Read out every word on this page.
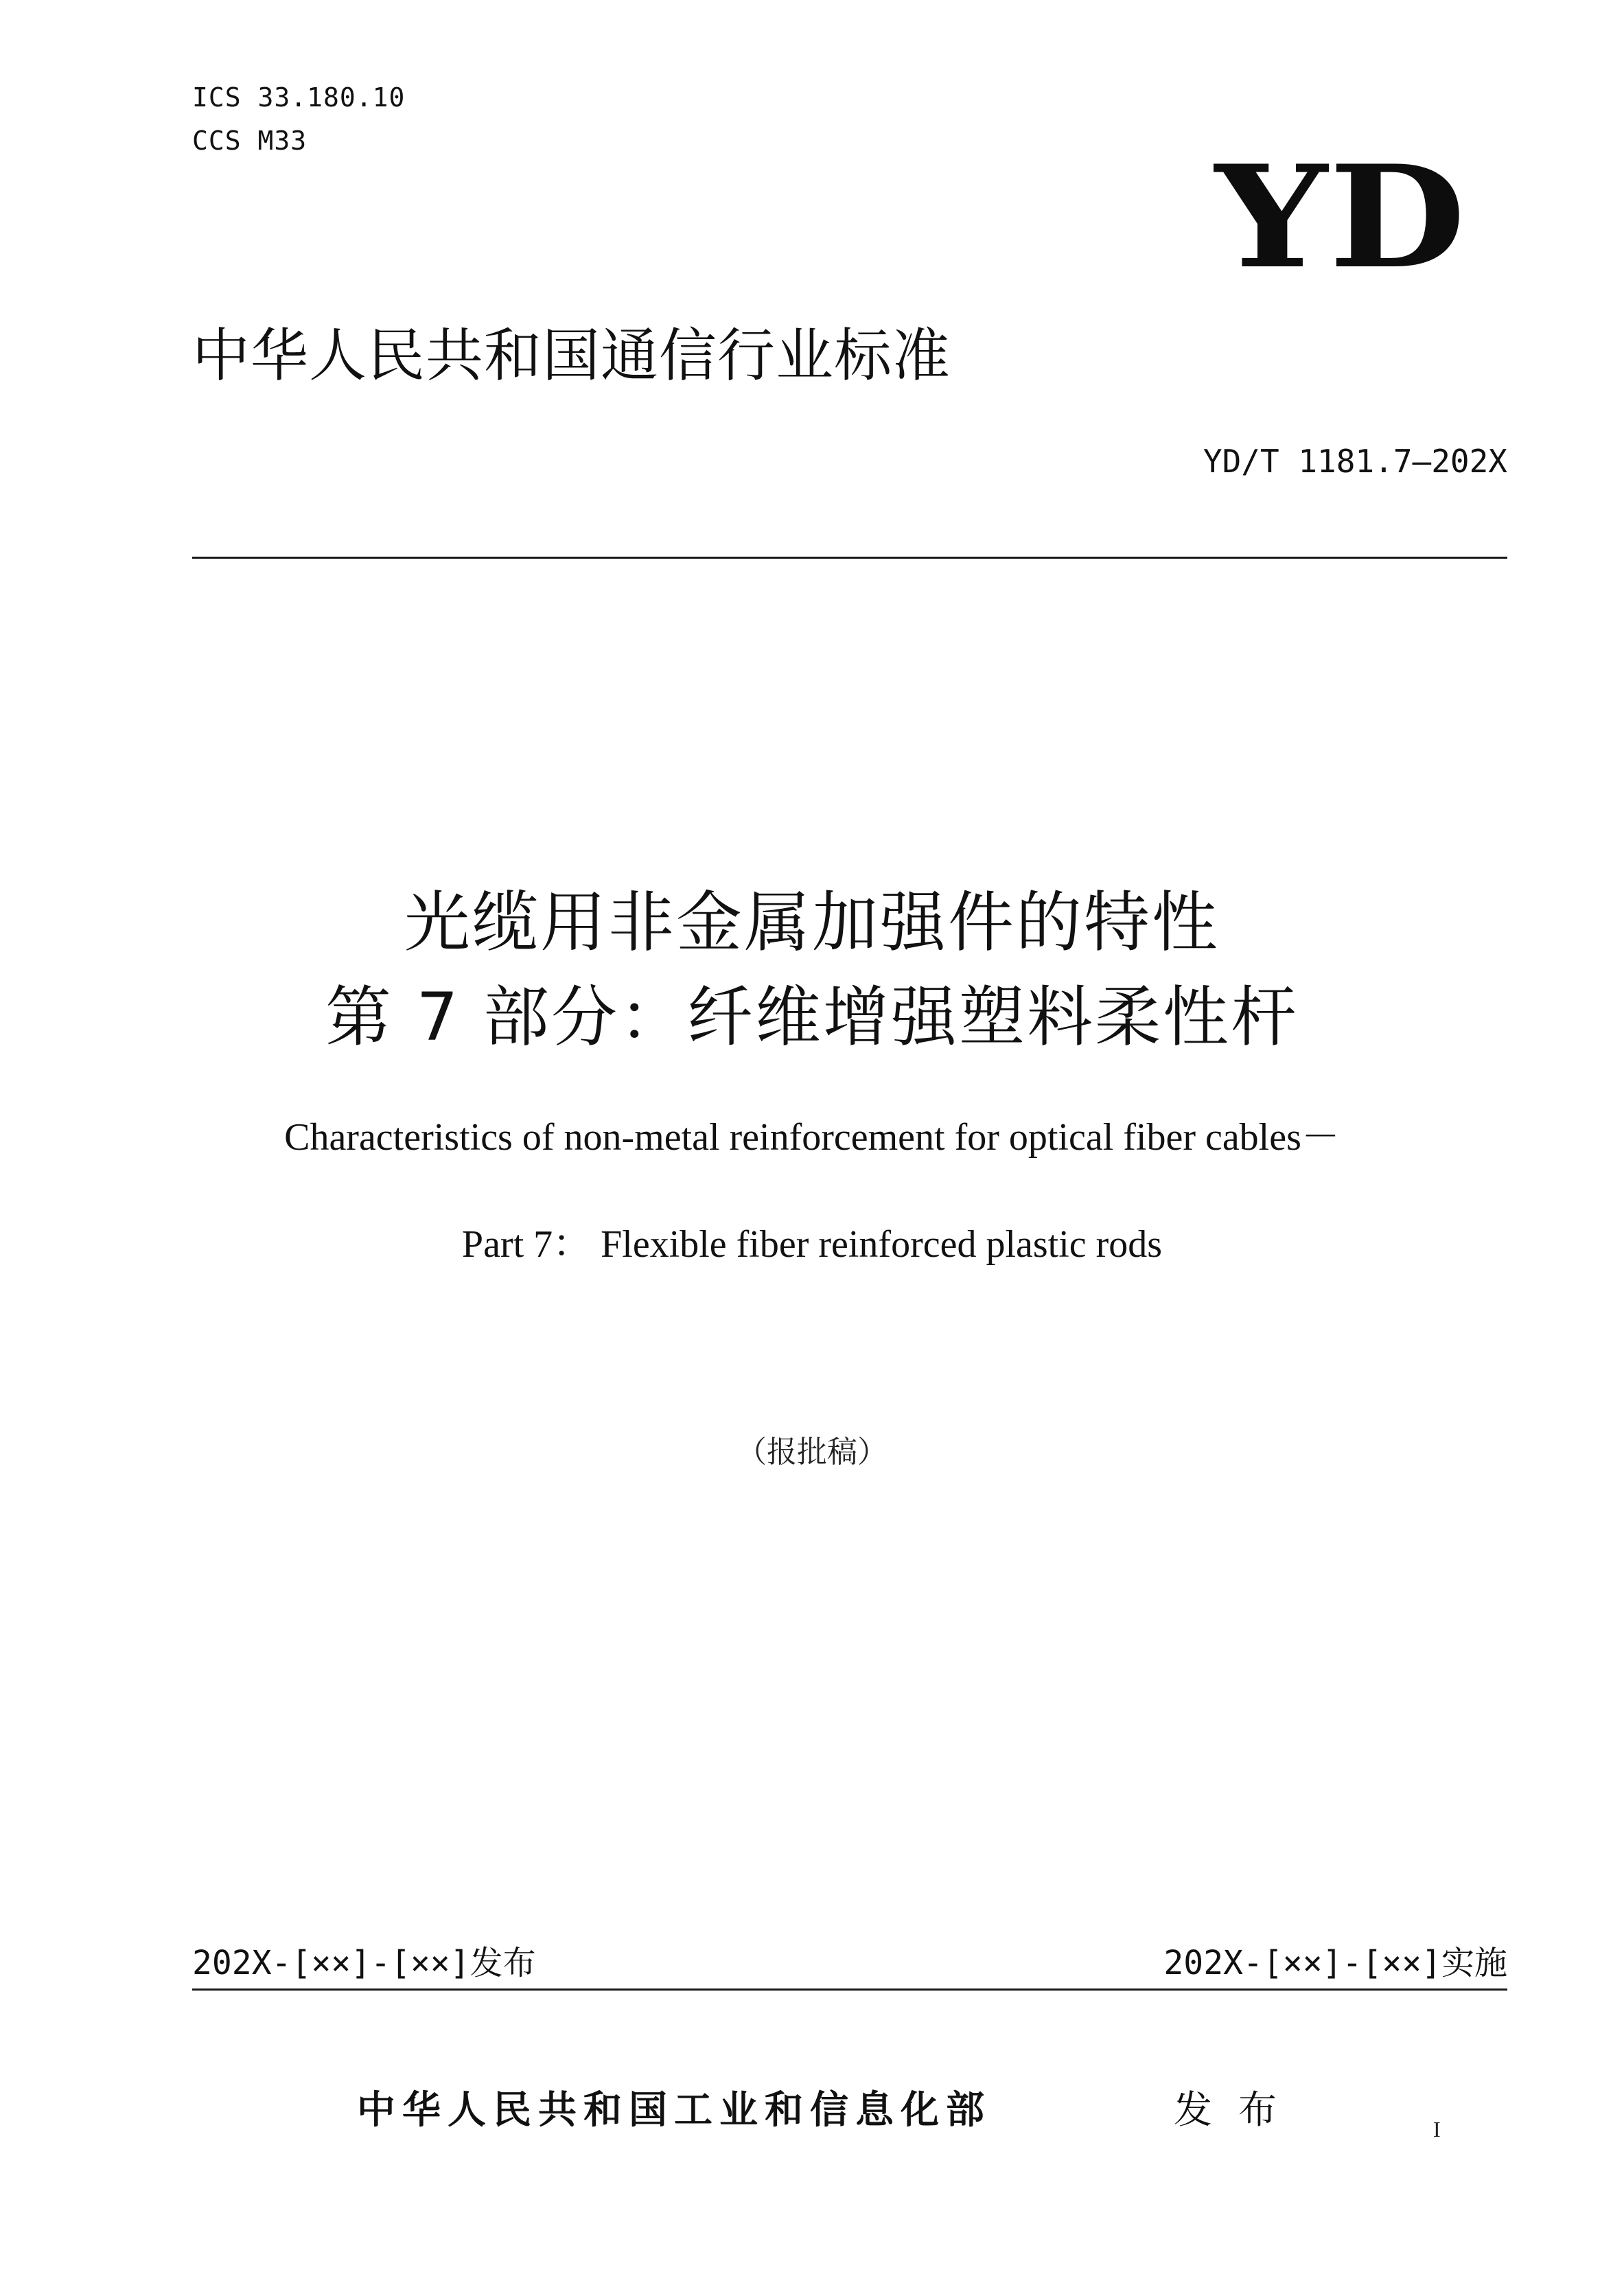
ICS 33.180.10
CCS M33	YD
中华人民共和国通信行业标准
YD/T 1181.7—202X
光缆用非金属加强件的特性
第 7 部分：纤维增强塑料柔性杆
Characteristics of non-metal reinforcement for optical fiber cables－
Part 7： Flexible fiber reinforced plastic rods
（报批稿）
202X-[××]-[××]发布	202X-[××]-[××]实施
中华人民共和国工业和信息化部	发布	I
